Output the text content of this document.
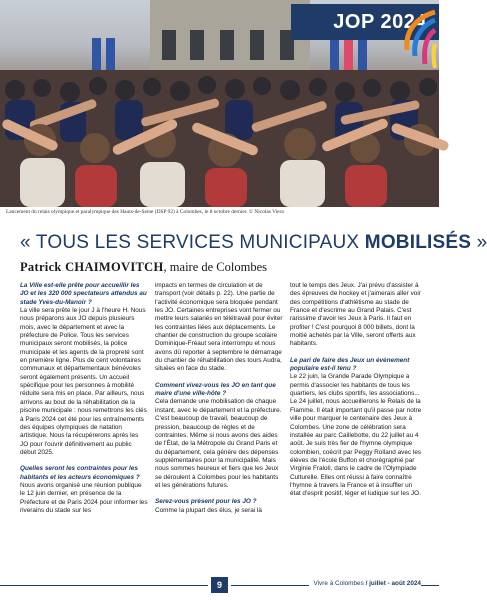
JOP 2024
Lancement du relais olympique et paralympique des Hauts-de-Seine (DSP 92) à Colombes, le 8 octobre dernier. © Nicolas Viera
« TOUS LES SERVICES MUNICIPAUX MOBILISÉS »
Patrick CHAIMOVITCH, maire de Colombes

La Ville est-elle prête pour accueillir les JO et les 320 000 spectateurs attendus au stade Yves-du-Manoir ?
La ville sera prête le jour J à l'heure H. Nous nous préparons aux JO depuis plusieurs mois, avec le département et avec la préfecture de Police. Tous les services municipaux seront mobilisés, la police municipale et les agents de la propreté sont en première ligne. Plus de cent volontaires communaux et départementaux bénévoles seront également présents. Un accueil spécifique pour les personnes à mobilité réduite sera mis en place. Par ailleurs, nous arrivons au bout de la réhabilitation de la piscine municipale : nous remettrons les clés à Paris 2024 cet été pour les entraînements des équipes olympiques de natation artistique. Nous la récupérerons après les JO pour l'ouvrir définitivement au public début 2025.

Quelles seront les contraintes pour les habitants et les acteurs économiques ?
Nous avons organisé une réunion publique le 12 juin dernier, en présence de la Préfecture et de Paris 2024 pour informer les riverains du stade sur les

impacts en termes de circulation et de transport (voir détails p. 22). Une partie de l'activité économique sera bloquée pendant les JO. Certaines entreprises vont fermer ou mettre leurs salariés en télétravail pour éviter les contraintes liées aux déplacements. Le chantier de construction du groupe scolaire Dominique-Fréaut sera interrompu et nous avons dû reporter à septembre le démarrage du chantier de réhabilitation des tours Audra, situées en face du stade.

Comment vivez-vous les JO en tant que maire d'une ville-hôte ?
Cela demande une mobilisation de chaque instant, avec le département et la préfecture. C'est beaucoup de travail, beaucoup de pression, beaucoup de règles et de contraintes. Même si nous avons des aides de l'État, de la Métropole du Grand Paris et du département, cela génère des dépenses supplémentaires pour la municipalité. Mais nous sommes heureux et fiers que les Jeux se déroulent à Colombes pour les habitants et les générations futures.

Serez-vous présent pour les JO ?
Comme la plupart des élus, je serai là

tout le temps des Jeux. J'ai prévu d'assister à des épreuves de hockey et j'aimerais aller voir des compétitions d'athlétisme au stade de France et d'escrime au Grand Palais. C'est rarissime d'avoir les Jeux à Paris. Il faut en profiter ! C'est pourquoi 8 000 billets, dont la moitié achetés par la Ville, seront offerts aux habitants.

Le pari de faire des Jeux un événement populaire est-il tenu ?
Le 22 juin, la Grande Parade Olympique a permis d'associer les habitants de tous les quartiers, les clubs sportifs, les associations... Le 24 juillet, nous accueillerons le Relais de la Flamme. Il était important qu'il passe par notre ville pour marquer le centenaire des Jeux à Colombes. Une zone de célébration sera installée au parc Caillebotte, du 22 juillet au 4 août. Je suis très fier de l'hymne olympique colombien, coécrit par Peggy Rolland avec les élèves de l'école Buffon et chorégraphié par Virginie Fralolì, dans le cadre de l'Olympiade Culturelle. Elles ont réussi à faire connaître l'hymne à travers la France et à insuffler un état d'esprit positif, léger et ludique sur les JO.

9	Vivre à Colombes / juillet - août 2024
